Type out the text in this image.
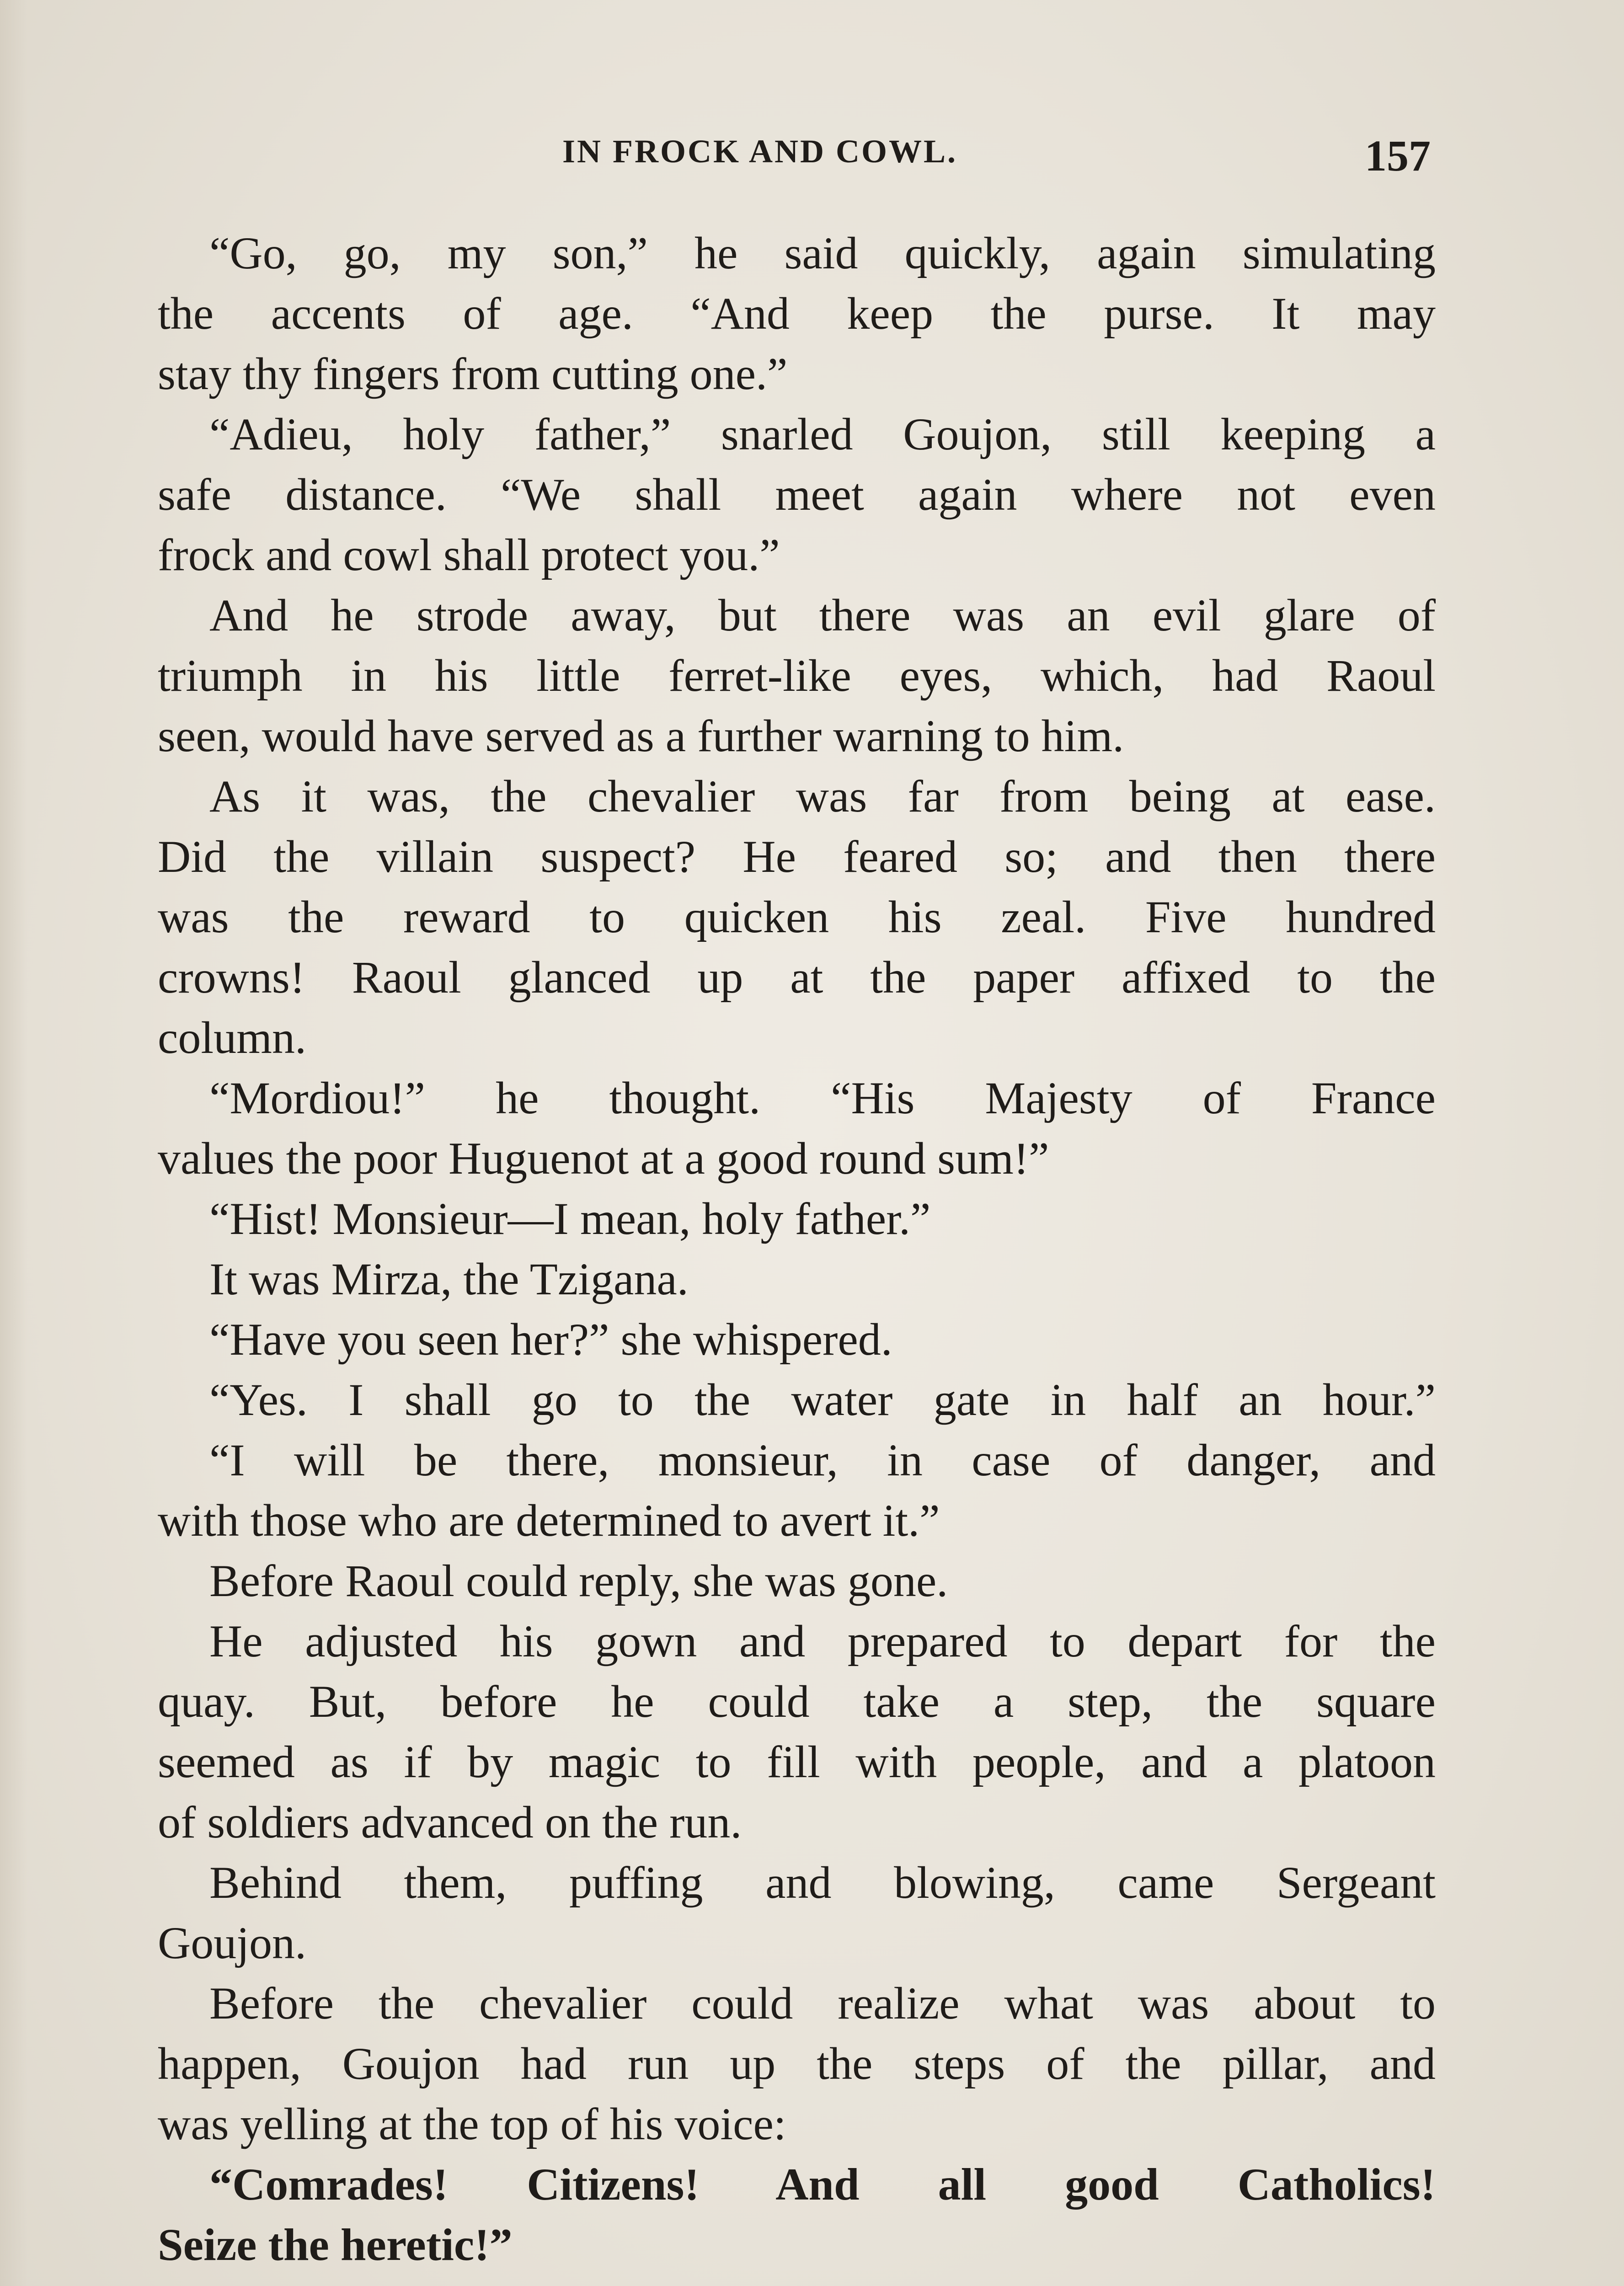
IN FROCK AND COWL.	157
“Go, go, my son,” he said quickly, again simulating
the accents of age. “And keep the purse. It may
stay thy fingers from cutting one.”
“Adieu, holy father,” snarled Goujon, still keeping a
safe distance. “We shall meet again where not even
frock and cowl shall protect you.”
And he strode away, but there was an evil glare of
triumph in his little ferret-like eyes, which, had Raoul
seen, would have served as a further warning to him.
As it was, the chevalier was far from being at ease.
Did the villain suspect? He feared so; and then there
was the reward to quicken his zeal. Five hundred
crowns! Raoul glanced up at the paper affixed to the
column.
“Mordiou!” he thought. “His Majesty of France
values the poor Huguenot at a good round sum!”
“Hist! Monsieur—I mean, holy father.”
It was Mirza, the Tzigana.
“Have you seen her?” she whispered.
“Yes. I shall go to the water gate in half an hour.”
“I will be there, monsieur, in case of danger, and
with those who are determined to avert it.”
Before Raoul could reply, she was gone.
He adjusted his gown and prepared to depart for the
quay. But, before he could take a step, the square
seemed as if by magic to fill with people, and a platoon
of soldiers advanced on the run.
Behind them, puffing and blowing, came Sergeant
Goujon.
Before the chevalier could realize what was about to
happen, Goujon had run up the steps of the pillar, and
was yelling at the top of his voice:
“Comrades! Citizens! And all good Catholics!
Seize the heretic!”
